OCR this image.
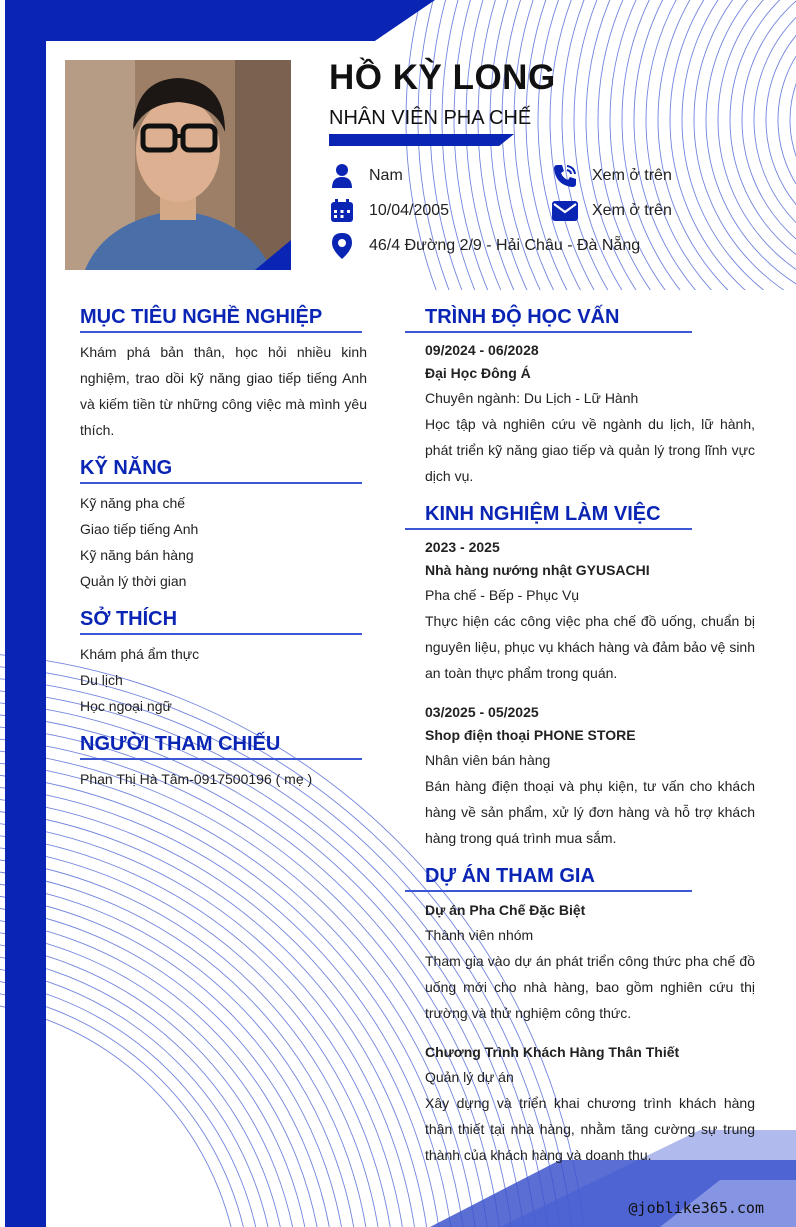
HỒ KỲ LONG
NHÂN VIÊN PHA CHẾ
Nam
10/04/2005
46/4 Đường 2/9 - Hải Châu - Đà Nẵng
Xem ở trên
Xem ở trên
MỤC TIÊU NGHỀ NGHIỆP
Khám phá bản thân, học hỏi nhiều kinh nghiệm, trao dồi kỹ năng giao tiếp tiếng Anh và kiếm tiền từ những công việc mà mình yêu thích.
KỸ NĂNG
Kỹ năng pha chế
Giao tiếp tiếng Anh
Kỹ năng bán hàng
Quản lý thời gian
SỞ THÍCH
Khám phá ẩm thực
Du lịch
Học ngoại ngữ
NGƯỜI THAM CHIẾU
Phan Thị Hà Tâm-0917500196 ( mẹ )
TRÌNH ĐỘ HỌC VẤN
09/2024 - 06/2028
Đại Học Đông Á
Chuyên ngành: Du Lịch - Lữ Hành
Học tập và nghiên cứu về ngành du lịch, lữ hành, phát triển kỹ năng giao tiếp và quản lý trong lĩnh vực dịch vụ.
KINH NGHIỆM LÀM VIỆC
2023 - 2025
Nhà hàng nướng nhật GYUSACHI
Pha chế - Bếp - Phục Vụ
Thực hiện các công việc pha chế đồ uống, chuẩn bị nguyên liệu, phục vụ khách hàng và đảm bảo vệ sinh an toàn thực phẩm trong quán.
03/2025 - 05/2025
Shop điện thoại PHONE STORE
Nhân viên bán hàng
Bán hàng điện thoại và phụ kiện, tư vấn cho khách hàng về sản phẩm, xử lý đơn hàng và hỗ trợ khách hàng trong quá trình mua sắm.
DỰ ÁN THAM GIA
Dự án Pha Chế Đặc Biệt
Thành viên nhóm
Tham gia vào dự án phát triển công thức pha chế đồ uống mới cho nhà hàng, bao gồm nghiên cứu thị trường và thử nghiệm công thức.
Chương Trình Khách Hàng Thân Thiết
Quản lý dự án
Xây dựng và triển khai chương trình khách hàng thân thiết tại nhà hàng, nhằm tăng cường sự trung thành của khách hàng và doanh thu.
@joblike365.com
